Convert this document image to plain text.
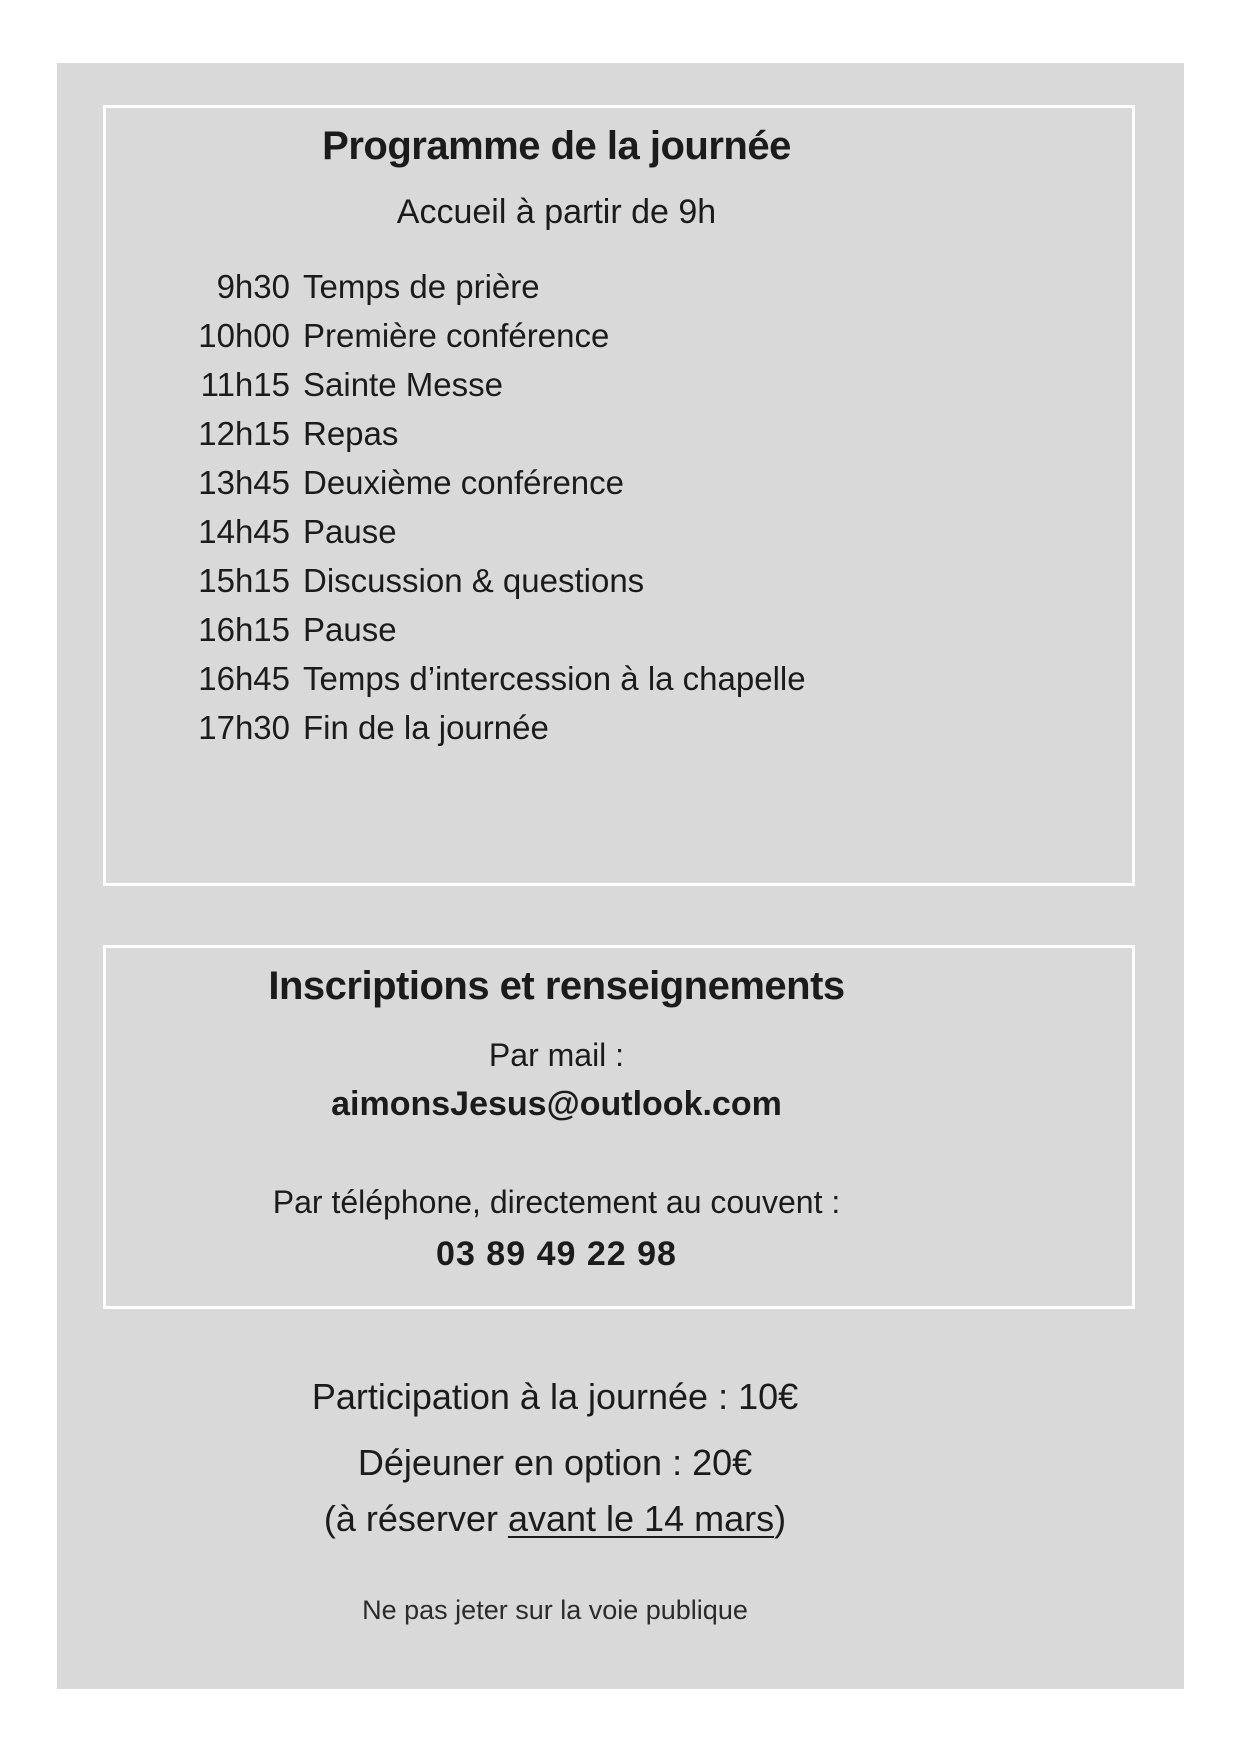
Programme de la journée

Accueil à partir de 9h

9h30 Temps de prière
10h00 Première conférence
11h15 Sainte Messe
12h15 Repas
13h45 Deuxième conférence
14h45 Pause
15h15 Discussion & questions
16h15 Pause
16h45 Temps d’intercession à la chapelle
17h30 Fin de la journée
Inscriptions et renseignements

Par mail :

aimonsJesus@outlook.com

Par téléphone, directement au couvent :

03 89 49 22 98

Participation à la journée : 10€

Déjeuner en option : 20€

(à réserver avant le 14 mars)

Ne pas jeter sur la voie publique
